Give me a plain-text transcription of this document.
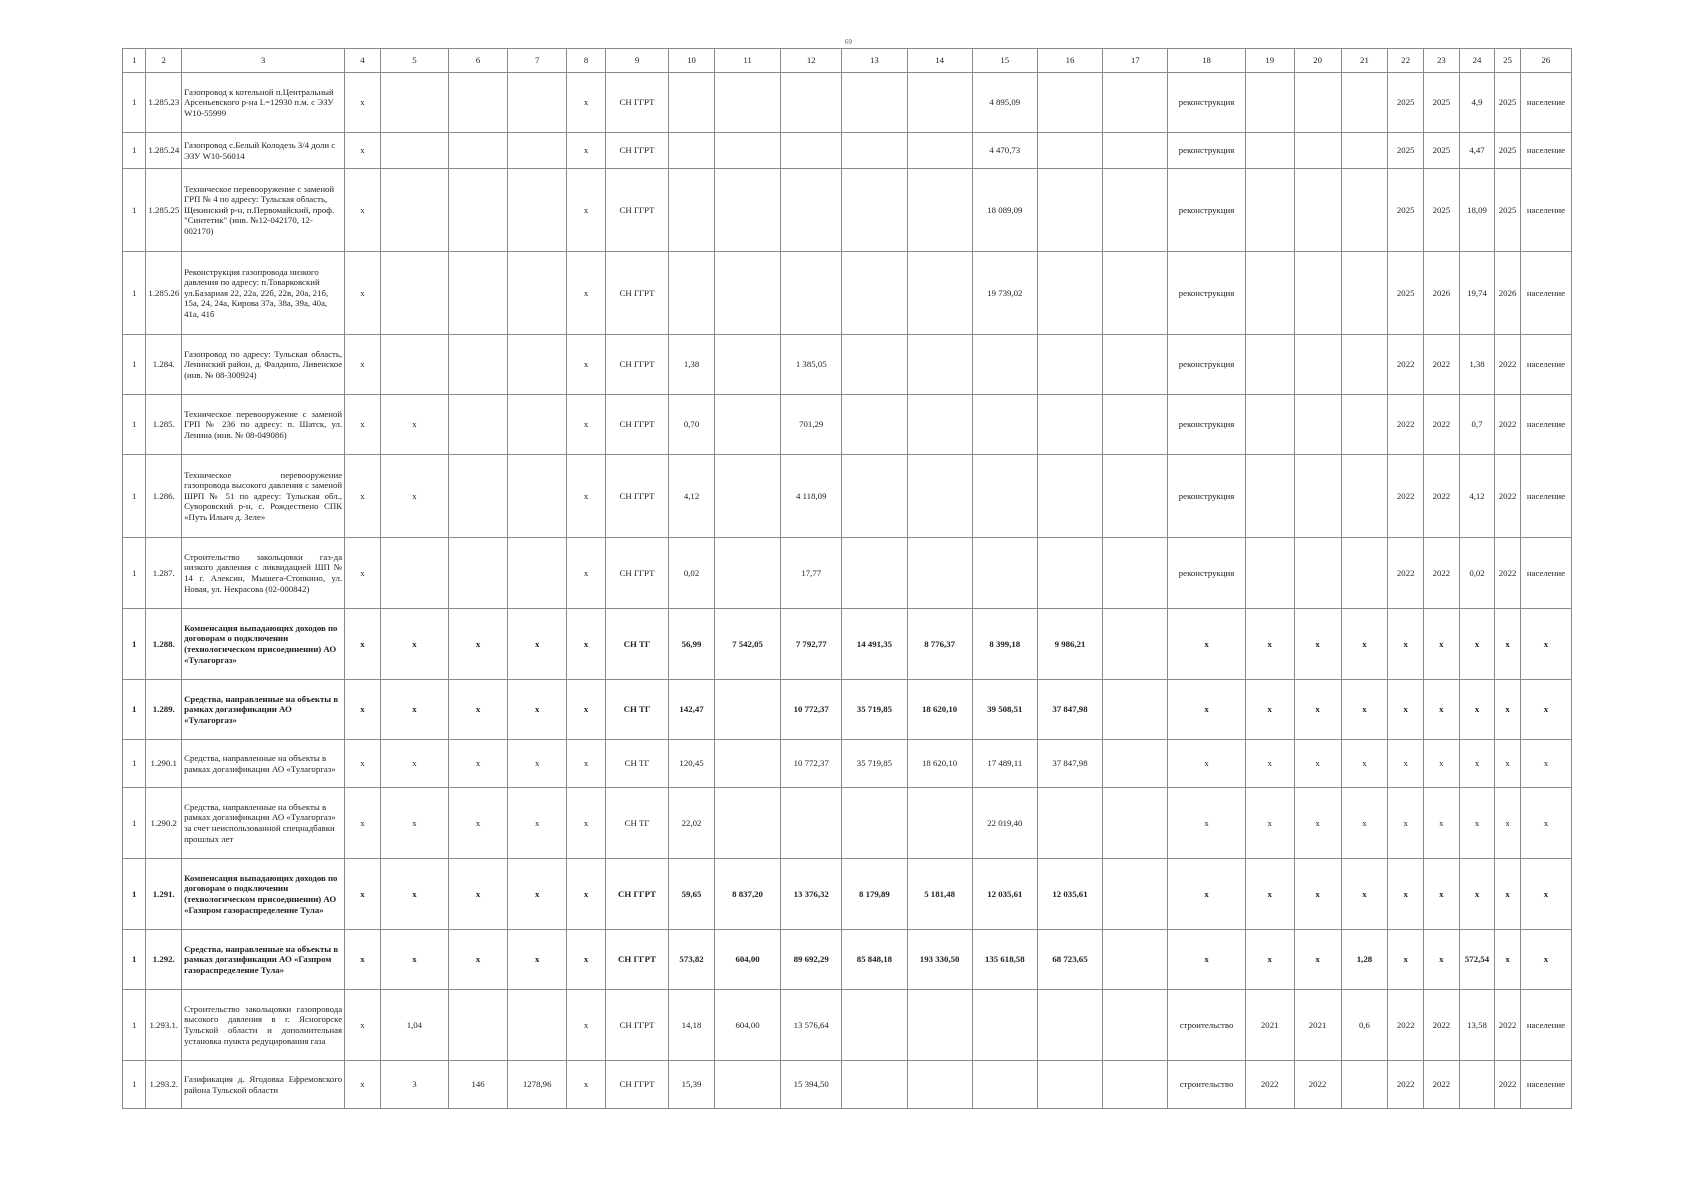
69
1	2	3	4	5	6	7	8	9	10	11	12	13	14	15	16	17	18	19	20	21	22	23	24	25	26
1	1.285.23	Газопровод к котельной п.Центральный Арсеньевского р-на L=12930 п.м. с ЭЗУ W10-55999	х				х	СН ГГРТ						4 895,09			реконструкция				2025	2025	4,9	2025	население
1	1.285.24	Газопровод с.Белый Колодезь 3/4 доли с ЭЗУ W10-56014	х				х	СН ГГРТ						4 470,73			реконструкция				2025	2025	4,47	2025	население
1	1.285.25	Техническое перевооружение с заменой ГРП № 4 по адресу: Тульская область, Щекинский р-н, п.Первомайский, проф. "Синтетик" (инв. №12-042170, 12-002170)	х				х	СН ГГРТ						18 089,09			реконструкция				2025	2025	18,09	2025	население
1	1.285.26	Реконструкция газопровода низкого давления по адресу: п.Товарковский ул.Базарная 22, 22а, 22б, 22в, 20а, 21б, 15а, 24, 24а, Кирова 37а, 38а, 39а, 40а, 41а, 41б	х				х	СН ГГРТ						19 739,02			реконструкция				2025	2026	19,74	2026	население
1	1.284.	Газопровод по адресу: Тульская область, Ленинский район, д. Фалдино, Ливенское (инв. № 08-300924)	х				х	СН ГГРТ	1,38		1 385,05						реконструкция				2022	2022	1,38	2022	население
1	1.285.	Техническое перевооружение с заменой ГРП № 236 по адресу: п. Шатск, ул. Ленина (инв. № 08-049086)	х	х			х	СН ГГРТ	0,70		701,29						реконструкция				2022	2022	0,7	2022	население
1	1.286.	Техническое перевооружение газопровода высокого давления с заменой ШРП № 51 по адресу: Тульская обл., Суворовский р-н, с. Рождествено СПК «Путь Ильич д. Зеле»	х	х			х	СН ГГРТ	4,12		4 118,09						реконструкция				2022	2022	4,12	2022	население
1	1.287.	Строительство закольцовки газ-да низкого давления с ликвидацией ШП № 14 г. Алексин, Мышега-Стопкино, ул. Новая, ул. Некрасова (02-000842)	х				х	СН ГГРТ	0,02		17,77						реконструкция				2022	2022	0,02	2022	население
1	1.288.	Компенсация выпадающих доходов по договорам о подключении (технологическом присоединении) АО «Тулагоргаз»	х	х	х	х	х	СН ТГ	56,99	7 542,05	7 792,77	14 491,35	8 776,37	8 399,18	9 986,21		х	х	х	х	х	х	х	х	х
1	1.289.	Средства, направленные на объекты в рамках догазификации АО «Тулагоргаз»	х	х	х	х	х	СН ТГ	142,47		10 772,37	35 719,85	18 620,10	39 508,51	37 847,98		х	х	х	х	х	х	х	х	х
1	1.290.1	Средства, направленные на объекты в рамках догазификации АО «Тулагоргаз»	х	х	х	х	х	СН ТГ	120,45		10 772,37	35 719,85	18 620,10	17 489,11	37 847,98		х	х	х	х	х	х	х	х	х
1	1.290.2	Средства, направленные на объекты в рамках догазификации АО «Тулагоргаз» за счет неиспользованной спецнадбавки прошлых лет	х	х	х	х	х	СН ТГ	22,02					22 019,40			х	х	х	х	х	х	х	х	х
1	1.291.	Компенсация выпадающих доходов по договорам о подключении (технологическом присоединении) АО «Газпром газораспределение Тула»	х	х	х	х	х	СН ГГРТ	59,65	8 837,20	13 376,32	8 179,89	5 181,48	12 035,61	12 035,61		х	х	х	х	х	х	х	х	х
1	1.292.	Средства, направленные на объекты в рамках догазификации АО «Газпром газораспределение Тула»	х	х	х	х	х	СН ГГРТ	573,82	604,00	89 692,29	85 848,18	193 330,50	135 618,58	68 723,65		х	х	х	1,28	х	х	572,54	х	х
1	1.293.1.	Строительство закольцовки газопровода высокого давления в г. Ясногорске Тульской области и дополнительная установка пункта редуцирования газа	х	1,04			х	СН ГГРТ	14,18	604,00	13 576,64						строительство	2021	2021	0,6	2022	2022	13,58	2022	население
1	1.293.2.	Газификация д. Ягодовка Ефремовского района Тульской области	х	3	146	1278,96	х	СН ГГРТ	15,39		15 394,50						строительство	2022	2022		2022	2022		2022	население
